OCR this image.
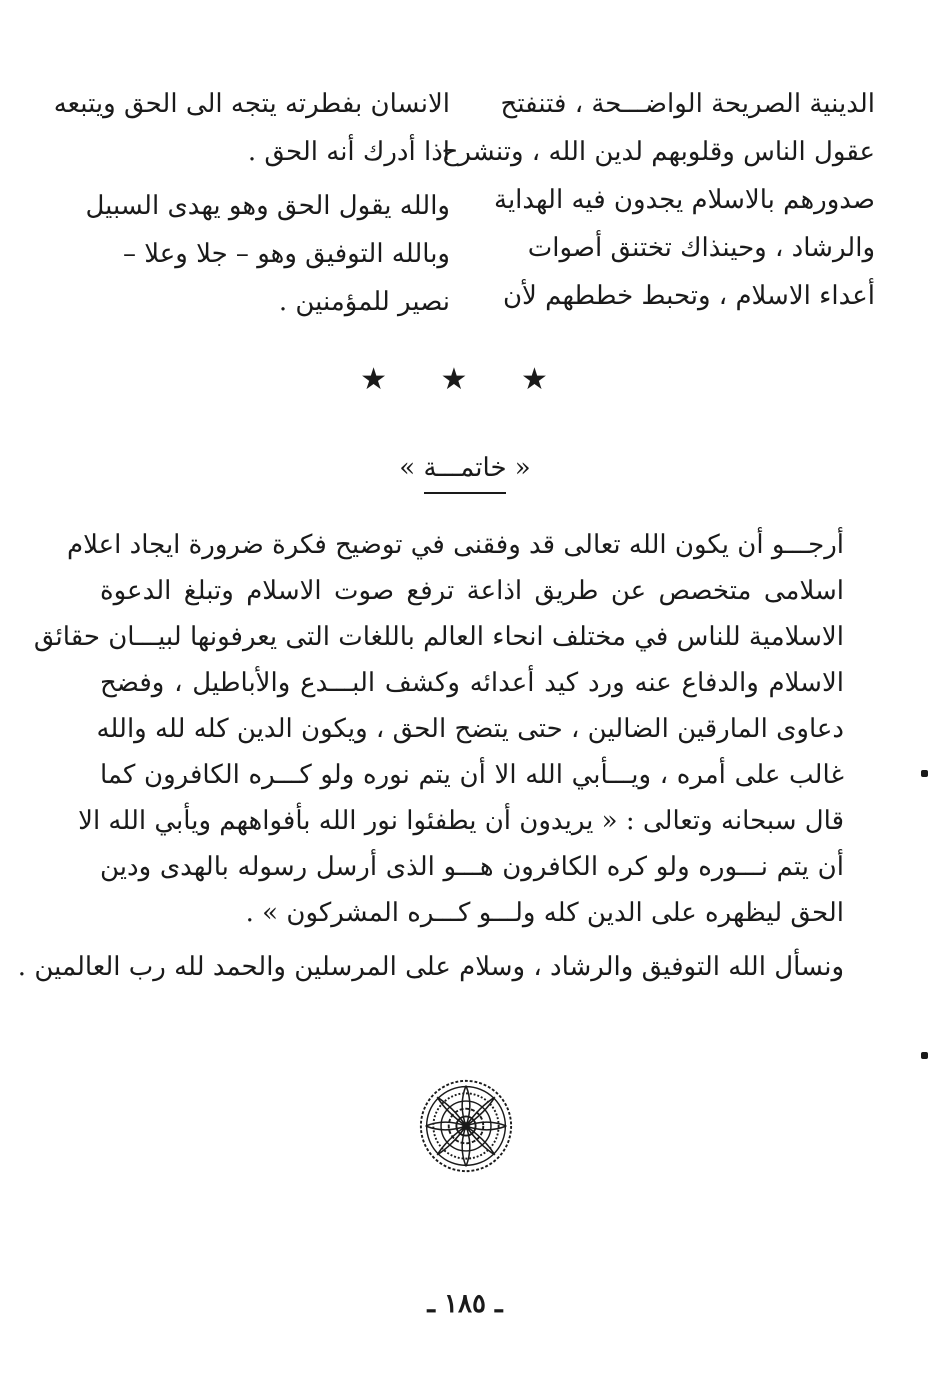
الدينية الصريحة الواضـــحة ، فتنفتح
عقول الناس وقلوبهم لدين الله ، وتنشرح
صدورهم بالاسلام يجدون فيه الهداية
والرشاد ، وحينذاك تختنق أصوات
أعداء الاسلام ، وتحبط خططهم لأن

الانسان بفطرته يتجه الى الحق ويتبعه
اذا أدرك أنه الحق .

والله يقول الحق وهو يهدى السبيل
وبالله التوفيق وهو – جلا وعلا –
نصير للمؤمنين .

★ ★ ★
« خاتمـــة »

أرجـــو أن يكون الله تعالى قد وفقنى في توضيح فكرة ضرورة ايجاد اعلام
اسلامى متخصص عن طريق اذاعة ترفع صوت الاسلام وتبلغ الدعوة
الاسلامية للناس في مختلف انحاء العالم باللغات التى يعرفونها لبيـــان حقائق
الاسلام والدفاع عنه ورد كيد أعدائه وكشف البـــدع والأباطيل ، وفضح
دعاوى المارقين الضالين ، حتى يتضح الحق ، ويكون الدين كله لله والله
غالب على أمره ، ويـــأبي الله الا أن يتم نوره ولو كـــره الكافرون كما
قال سبحانه وتعالى : « يريدون أن يطفئوا نور الله بأفواههم ويأبي الله الا
أن يتم نـــوره ولو كره الكافرون هـــو الذى أرسل رسوله بالهدى ودين
الحق ليظهره على الدين كله ولـــو كـــره المشركون » .

ونسأل الله التوفيق والرشاد ، وسلام على المرسلين والحمد لله رب العالمين .

ـ ١٨٥ ـ
